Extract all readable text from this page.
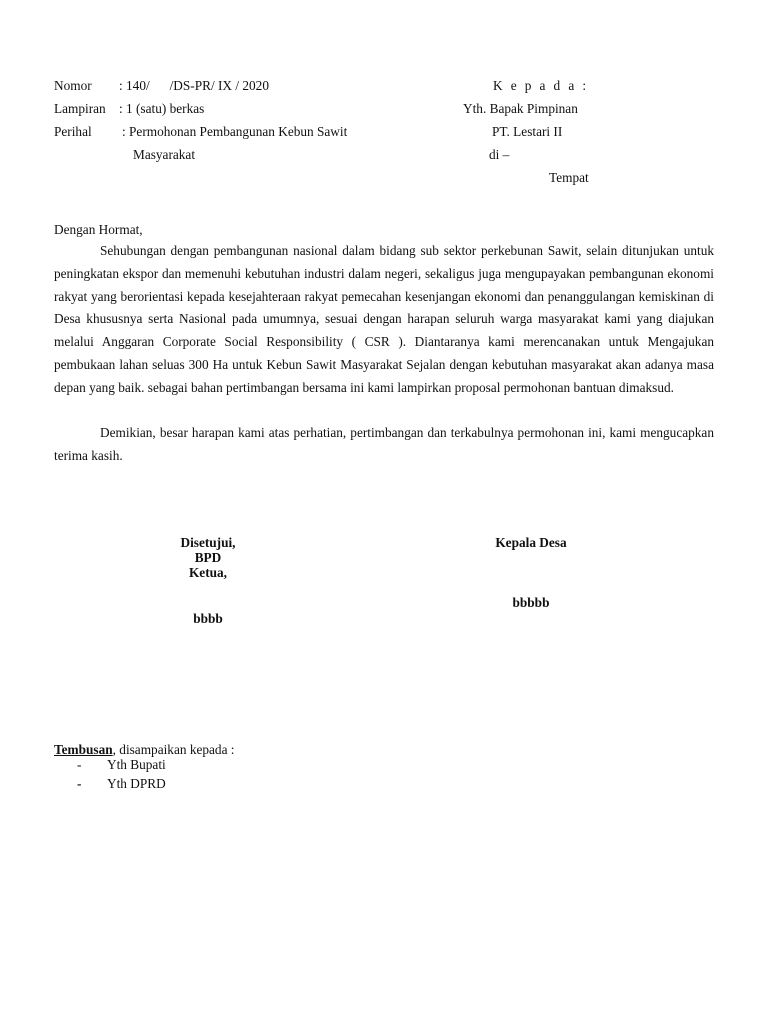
Nomor : 140/      /DS-PR/ IX / 2020
Lampiran : 1 (satu) berkas
Perihal : Permohonan Pembangunan Kebun Sawit
Masyarakat
K e p a d a :
Yth. Bapak Pimpinan
PT. Lestari II
di –
Tempat
Dengan Hormat,
Sehubungan dengan pembangunan nasional dalam bidang sub sektor perkebunan Sawit, selain ditunjukan untuk peningkatan ekspor dan memenuhi kebutuhan industri dalam negeri, sekaligus juga mengupayakan pembangunan ekonomi rakyat yang berorientasi kepada kesejahteraan rakyat pemecahan kesenjangan ekonomi dan penanggulangan kemiskinan di Desa khususnya serta Nasional pada umumnya, sesuai dengan harapan seluruh warga masyarakat kami yang diajukan melalui Anggaran Corporate Social Responsibility ( CSR ). Diantaranya kami merencanakan untuk Mengajukan pembukaan lahan seluas 300 Ha untuk Kebun Sawit Masyarakat Sejalan dengan kebutuhan masyarakat akan adanya masa depan yang baik. sebagai bahan pertimbangan bersama ini kami lampirkan proposal permohonan bantuan dimaksud.
Demikian, besar harapan kami atas perhatian, pertimbangan dan terkabulnya permohonan ini, kami mengucapkan terima kasih.
Disetujui,
BPD
Ketua,
bbbb
Kepala Desa
bbbbb
Tembusan, disampaikan kepada :
- Yth Bupati
- Yth DPRD
